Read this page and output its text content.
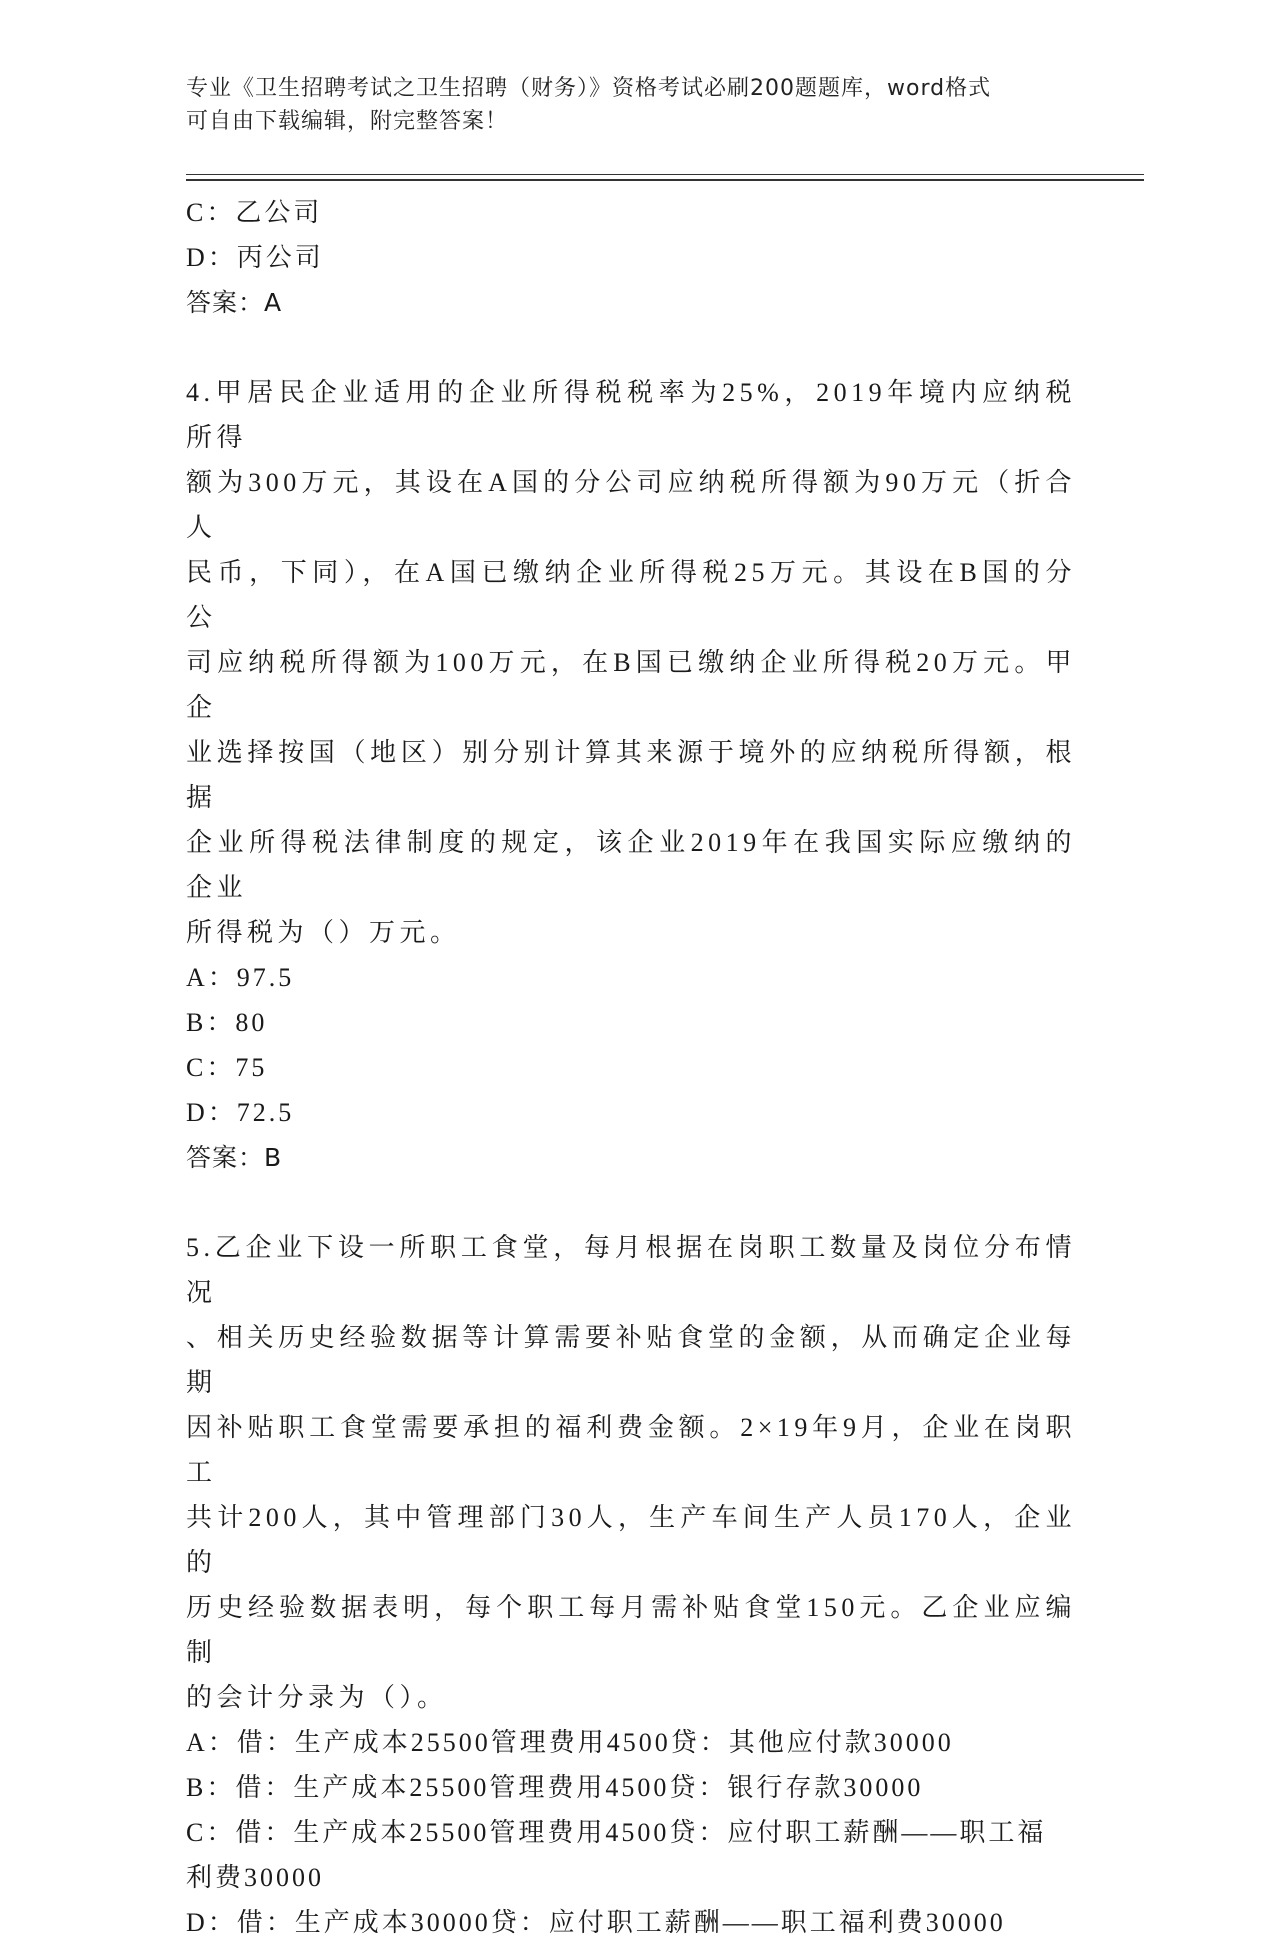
专业《卫生招聘考试之卫生招聘（财务）》资格考试必刷200题题库，word格式
可自由下载编辑，附完整答案！
C：乙公司
D：丙公司
答案：A
4.甲居民企业适用的企业所得税税率为25%，2019年境内应纳税所得
额为300万元，其设在A国的分公司应纳税所得额为90万元（折合人
民币，下同），在A国已缴纳企业所得税25万元。其设在B国的分公
司应纳税所得额为100万元，在B国已缴纳企业所得税20万元。甲企
业选择按国（地区）别分别计算其来源于境外的应纳税所得额，根据
企业所得税法律制度的规定，该企业2019年在我国实际应缴纳的企业
所得税为（）万元。
A：97.5
B：80
C：75
D：72.5
答案：B
5.乙企业下设一所职工食堂，每月根据在岗职工数量及岗位分布情况
、相关历史经验数据等计算需要补贴食堂的金额，从而确定企业每期
因补贴职工食堂需要承担的福利费金额。2×19年9月，企业在岗职工
共计200人，其中管理部门30人，生产车间生产人员170人，企业的
历史经验数据表明，每个职工每月需补贴食堂150元。乙企业应编制
的会计分录为（）。
A：借：生产成本25500管理费用4500贷：其他应付款30000
B：借：生产成本25500管理费用4500贷：银行存款30000
C：借：生产成本25500管理费用4500贷：应付职工薪酬——职工福
利费30000
D：借：生产成本30000贷：应付职工薪酬——职工福利费30000
